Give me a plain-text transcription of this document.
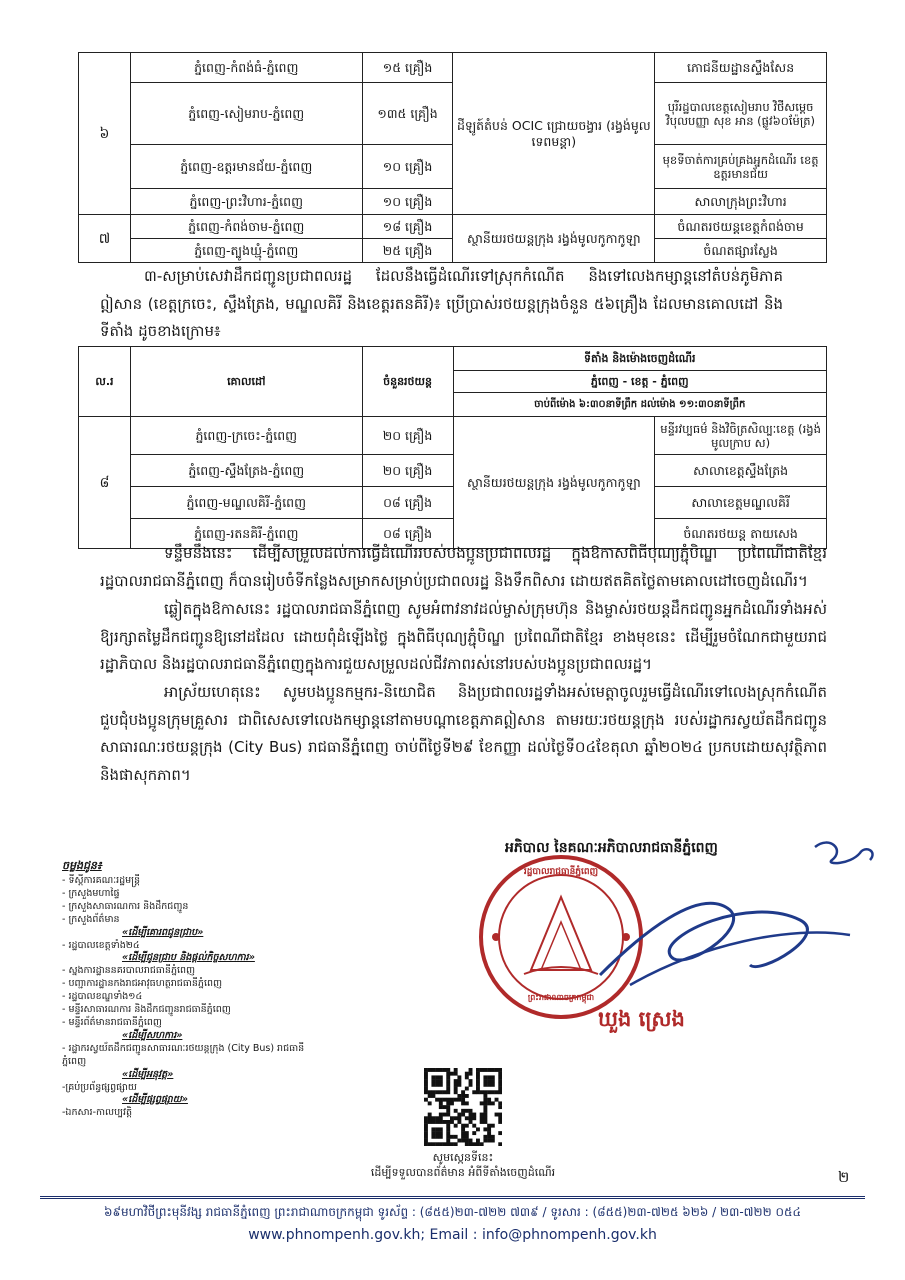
៦	ភ្នំពេញ-កំពង់ធំ-ភ្នំពេញ	១៥ គ្រឿង	ដីឡូត៍តំបន់ OCIC ជ្រោយចង្វារ (រង្វង់មូលទេពមន្តា)	ភោជនីយដ្ឋានស្ទឹងសែន
	ភ្នំពេញ-សៀមរាប-ភ្នំពេញ	១៣៥ គ្រឿង		បុរីរដ្ឋបាលខេត្តសៀមរាប វិថីសម្តេចវិបុលបញ្ញា សុខ អាន (ផ្លូវ៦០ម៉ែត្រ)
	ភ្នំពេញ-ឧត្តរមានជ័យ-ភ្នំពេញ	១០ គ្រឿង		មុខទីចាត់ការគ្រប់គ្រងអ្នកដំណើរ ខេត្តឧត្តរមានជ័យ
	ភ្នំពេញ-ព្រះវិហារ-ភ្នំពេញ	១០ គ្រឿង		សាលាក្រុងព្រះវិហារ
៧	ភ្នំពេញ-កំពង់ចាម-ភ្នំពេញ	១៨ គ្រឿង	ស្ថានីយរថយន្តក្រុង រង្វង់មូលកូកាកូឡា	ចំណតរថយន្តខេត្តកំពង់ចាម
	ភ្នំពេញ-ត្បូងឃ្មុំ-ភ្នំពេញ	២៥ គ្រឿង		ចំណតផ្សារស្លែង
៣-សម្រាប់សេវាដឹកជញ្ជូនប្រជាពលរដ្ឋ ដែលនឹងធ្វើដំណើរទៅស្រុកកំណើត និងទៅលេងកម្សាន្តនៅតំបន់ភូមិភាគឦសាន (ខេត្តក្រចេះ, ស្ទឹងត្រែង, មណ្ឌលគិរី និងខេត្តរតនគិរី)៖ ប្រើប្រាស់រថយន្តក្រុងចំនួន ៥៦គ្រឿង ដែលមានគោលដៅ និងទីតាំង ដូចខាងក្រោម៖
ល.រ	គោលដៅ	ចំនួនរថយន្ត	ទីតាំង និងម៉ោងចេញដំណើរ	
			ភ្នំពេញ - ខេត្ត - ភ្នំពេញ	
			ចាប់ពីម៉ោង ៦:៣០នាទីព្រឹក ដល់ម៉ោង ១១:៣០នាទីព្រឹក	
៨	ភ្នំពេញ-ក្រចេះ-ភ្នំពេញ	២០ គ្រឿង	ស្ថានីយរថយន្តក្រុង រង្វង់មូលកូកាកូឡា	មន្ទីរវប្បធម៌ និងវិចិត្រសិល្បៈខេត្ត (រង្វង់មូលក្រាប ស)
	ភ្នំពេញ-ស្ទឹងត្រែង-ភ្នំពេញ	២០ គ្រឿង		សាលាខេត្តស្ទឹងត្រែង
	ភ្នំពេញ-មណ្ឌលគិរី-ភ្នំពេញ	០៨ គ្រឿង		សាលាខេត្តមណ្ឌលគិរី
	ភ្នំពេញ-រតនគិរី-ភ្នំពេញ	០៨ គ្រឿង		ចំណតរថយន្ត តាយសេង
ទន្ទឹមនឹងនេះ ដើម្បីសម្រួលដល់ការធ្វើដំណើររបស់បងប្អូនប្រជាពលរដ្ឋ ក្នុងឱកាសពិធីបុណ្យភ្ជុំបិណ្ឌ ប្រពៃណីជាតិខ្មែរ រដ្ឋបាលរាជធានីភ្នំពេញ ក៏បានរៀបចំទីកន្លែងសម្រាកសម្រាប់ប្រជាពលរដ្ឋ និងទឹកពិសារ ដោយឥតគិតថ្លៃតាមគោលដៅចេញដំណើរ។
ឆ្លៀតក្នុងឱកាសនេះ រដ្ឋបាលរាជធានីភ្នំពេញ សូមអំពាវនាវដល់ម្ចាស់ក្រុមហ៊ុន និងម្ចាស់រថយន្តដឹកជញ្ជូនអ្នកដំណើរទាំងអស់ ឱ្យរក្សាតម្លៃដឹកជញ្ជូនឱ្យនៅដដែល ដោយពុំដំឡើងថ្លៃ ក្នុងពិធីបុណ្យភ្ជុំបិណ្ឌ ប្រពៃណីជាតិខ្មែរ ខាងមុខនេះ ដើម្បីរួមចំណែកជាមួយរាជរដ្ឋាភិបាល និងរដ្ឋបាលរាជធានីភ្នំពេញក្នុងការជួយសម្រួលដល់ជីវភាពរស់នៅរបស់បងប្អូនប្រជាពលរដ្ឋ។
អាស្រ័យហេតុនេះ សូមបងប្អូនកម្មករ-និយោជិត និងប្រជាពលរដ្ឋទាំងអស់មេត្តាចូលរួមធ្វើដំណើរទៅលេងស្រុកកំណើត ជួបជុំបងប្អូនក្រុមគ្រួសារ ជាពិសេសទៅលេងកម្សាន្តនៅតាមបណ្ដាខេត្តភាគឦសាន តាមរយៈរថយន្តក្រុង របស់រដ្ឋាករស្វយ័តដឹកជញ្ជូនសាធារណៈរថយន្តក្រុង (City Bus) រាជធានីភ្នំពេញ ចាប់ពីថ្ងៃទី២៩ ខែកញ្ញា ដល់ថ្ងៃទី០៤ខែតុលា ឆ្នាំ២០២៤ ប្រកបដោយសុវត្ថិភាព និងផាសុកភាព។
អភិបាល នៃគណៈអភិបាលរាជធានីភ្នំពេញ
រដ្ឋបាលរាជធានីភ្នំពេញ
ព្រះរាជាណាចក្រកម្ពុជា
ឃួង ស្រេង
ចម្លងជូន៖
- ទីស្តីការគណៈរដ្ឋមន្ត្រី
- ក្រសួងមហាផ្ទៃ
- ក្រសួងសាធារណការ និងដឹកជញ្ជូន
- ក្រសួងព័ត៌មាន
«ដើម្បីគោរពជូនជ្រាប»
- រដ្ឋបាលខេត្តទាំង២៤
«ដើម្បីជូនជ្រាប និងផ្តល់កិច្ចសហការ»
- ស្នងការដ្ឋាននគរបាលរាជធានីភ្នំពេញ
- បញ្ជាការដ្ឋានកងរាជអាវុធហត្ថរាជធានីភ្នំពេញ
- រដ្ឋបាលខណ្ឌទាំង១៤
- មន្ទីរសាធារណការ និងដឹកជញ្ជូនរាជធានីភ្នំពេញ
- មន្ទីរព័ត៌មានរាជធានីភ្នំពេញ
«ដើម្បីសហការ»
- រដ្ឋាករស្វយ័តដឹកជញ្ជូនសាធារណៈរថយន្តក្រុង (City Bus) រាជធានីភ្នំពេញ
«ដើម្បីអនុវត្ត»
-គ្រប់ប្រព័ន្ធផ្សព្វផ្សាយ
«ដើម្បីផ្សព្វផ្សាយ»
-ឯកសារ-កាលប្បវត្តិ
សូមស្កេនទីនេះ
ដើម្បីទទួលបានព័ត៌មាន អំពីទីតាំងចេញដំណើរ	២
៦៩មហាវិថីព្រះមុនីវង្ស រាជធានីភ្នំពេញ ព្រះរាជាណាចក្រកម្ពុជា ទូរស័ព្ទ : (៨៥៥)២៣-៧២២ ៧៣៩ / ទូរសារ : (៨៥៥)២៣-៧២៥ ៦២៦ / ២៣-៧២២ ០៥៤
www.phnompenh.gov.kh; Email : info@phnompenh.gov.kh
